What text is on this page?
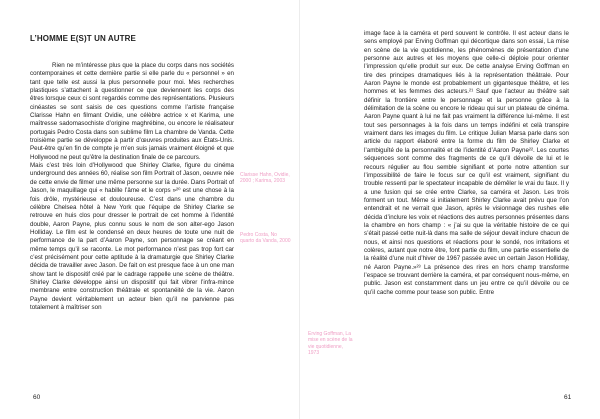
L’HOMME E(S)T UN AUTRE

Rien ne m’intéresse plus que la place du corps dans nos sociétés contemporaines et cette dernière partie si elle parle du « personnel » en tant que telle est aussi la plus personnelle pour moi. Mes recherches plastiques s’attachent à questionner ce que deviennent les corps des êtres lorsque ceux ci sont regardés comme des représentations. Plusieurs cinéastes se sont saisis de ces questions comme l’artiste française Clarisse Hahn en filmant Ovidie, une célèbre actrice x et Karima, une maîtresse sadomasochiste d’origine maghrébine, ou encore le réalisateur portugais Pedro Costa dans son sublime film La chambre de Vanda. Cette troisième partie se développe à partir d’œuvres produites aux États-Unis. Peut-être qu’en fin de compte je m’en suis jamais vraiment éloigné et que Hollywood ne peut qu’être la destination finale de ce parcours.

Mais c’est très loin d’Hollywood que Shirley Clarke, figure du cinéma underground des années 60, réalise son film Portrait of Jason, oeuvre née de cette envie de filmer une même personne sur la durée. Dans Portrait of Jason, le maquillage qui « habille l’âme et le corps »²⁰ est une chose à la fois drôle, mystérieuse et douloureuse. C’est dans une chambre du célèbre Chelsea hôtel à New York que l’équipe de Shirley Clarke se retrouve en huis clos pour dresser le portrait de cet homme à l’identité double, Aaron Payne, plus connu sous le nom de son alter-ego Jason Holliday. Le film est le condensé en deux heures de toute une nuit de performance de la part d’Aaron Payne, son personnage se créant en même temps qu’il se raconte. Le mot performance n’est pas trop fort car c’est précisément pour cette aptitude à la dramaturgie que Shirley Clarke décida de travailler avec Jason. De fait on est presque face à un one man show tant le dispositif créé par le cadrage rappelle une scène de théâtre. Shirley Clarke développe ainsi un dispositif qui fait vibrer l’infra-mince membrane entre construction théâtrale et spontanéité de la vie. Aaron Payne devient véritablement un acteur bien qu’il ne parvienne pas totalement à maîtriser son

Clarisse Hahn, Ovidie, 2000 ; Karima, 2003

Pedro Costa, No quarto da Vanda, 2000

60

Erving Goffman, La mise en scène de la vie quotidienne, 1973

image face à la caméra et perd souvent le contrôle. Il est acteur dans le sens employé par Erving Goffman qui décortique dans son essai, La mise en scène de la vie quotidienne, les phénomènes de présentation d’une personne aux autres et les moyens que celle-ci déploie pour orienter l’impression qu’elle produit sur eux. De cette analyse Erving Goffman en tire des principes dramatiques liés à la représentation théâtrale. Pour Aaron Payne le monde est probablement un gigantesque théâtre, et les hommes et les femmes des acteurs.²¹ Sauf que l’acteur au théâtre sait définir la frontière entre le personnage et la personne grâce à la délimitation de la scène ou encore le rideau qui sur un plateau de cinéma. Aaron Payne quant à lui ne fait pas vraiment la différence lui-même. Il est tout ses personnages à la fois dans un temps indéfini et celà transpire vraiment dans les images du film. Le critique Julian Marsa parle dans son article du rapport élaboré entre la forme du film de Shirley Clarke et l’ambiguïté de la personnalité et de l’identité d’Aaron Payne²². Les courtes séquences sont comme des fragments de ce qu’il dévoile de lui et le recours régulier au flou semble signifiant et porte notre attention sur l’impossibilité de faire le focus sur ce qu’il est vraiment, signifiant du trouble ressenti par le spectateur incapable de démêler le vrai du faux. Il y a une fusion qui se crée entre Clarke, sa caméra et Jason. Les trois forment un tout. Même si initialement Shirley Clarke avait prévu que l’on entendrait et ne verrait que Jason, après le visionnage des rushes elle décida d’inclure les voix et réactions des autres personnes présentes dans la chambre en hors champ : « j’ai su que la véritable histoire de ce qui s’était passé cette nuit-là dans ma salle de séjour devait inclure chacun de nous, et ainsi nos questions et réactions pour le sondé, nos irritations et colères, autant que notre être, font partie du film, une partie essentielle de la réalité d’une nuit d’hiver de 1967 passée avec un certain Jason Holliday, né Aaron Payne.»²³ La présence des rires en hors champ transforme l’espace se trouvant derrière la caméra, et par conséquent nous-même, en public. Jason est constamment dans un jeu entre ce qu’il dévoile ou ce qu’il cache comme pour tease son public. Entre

61
